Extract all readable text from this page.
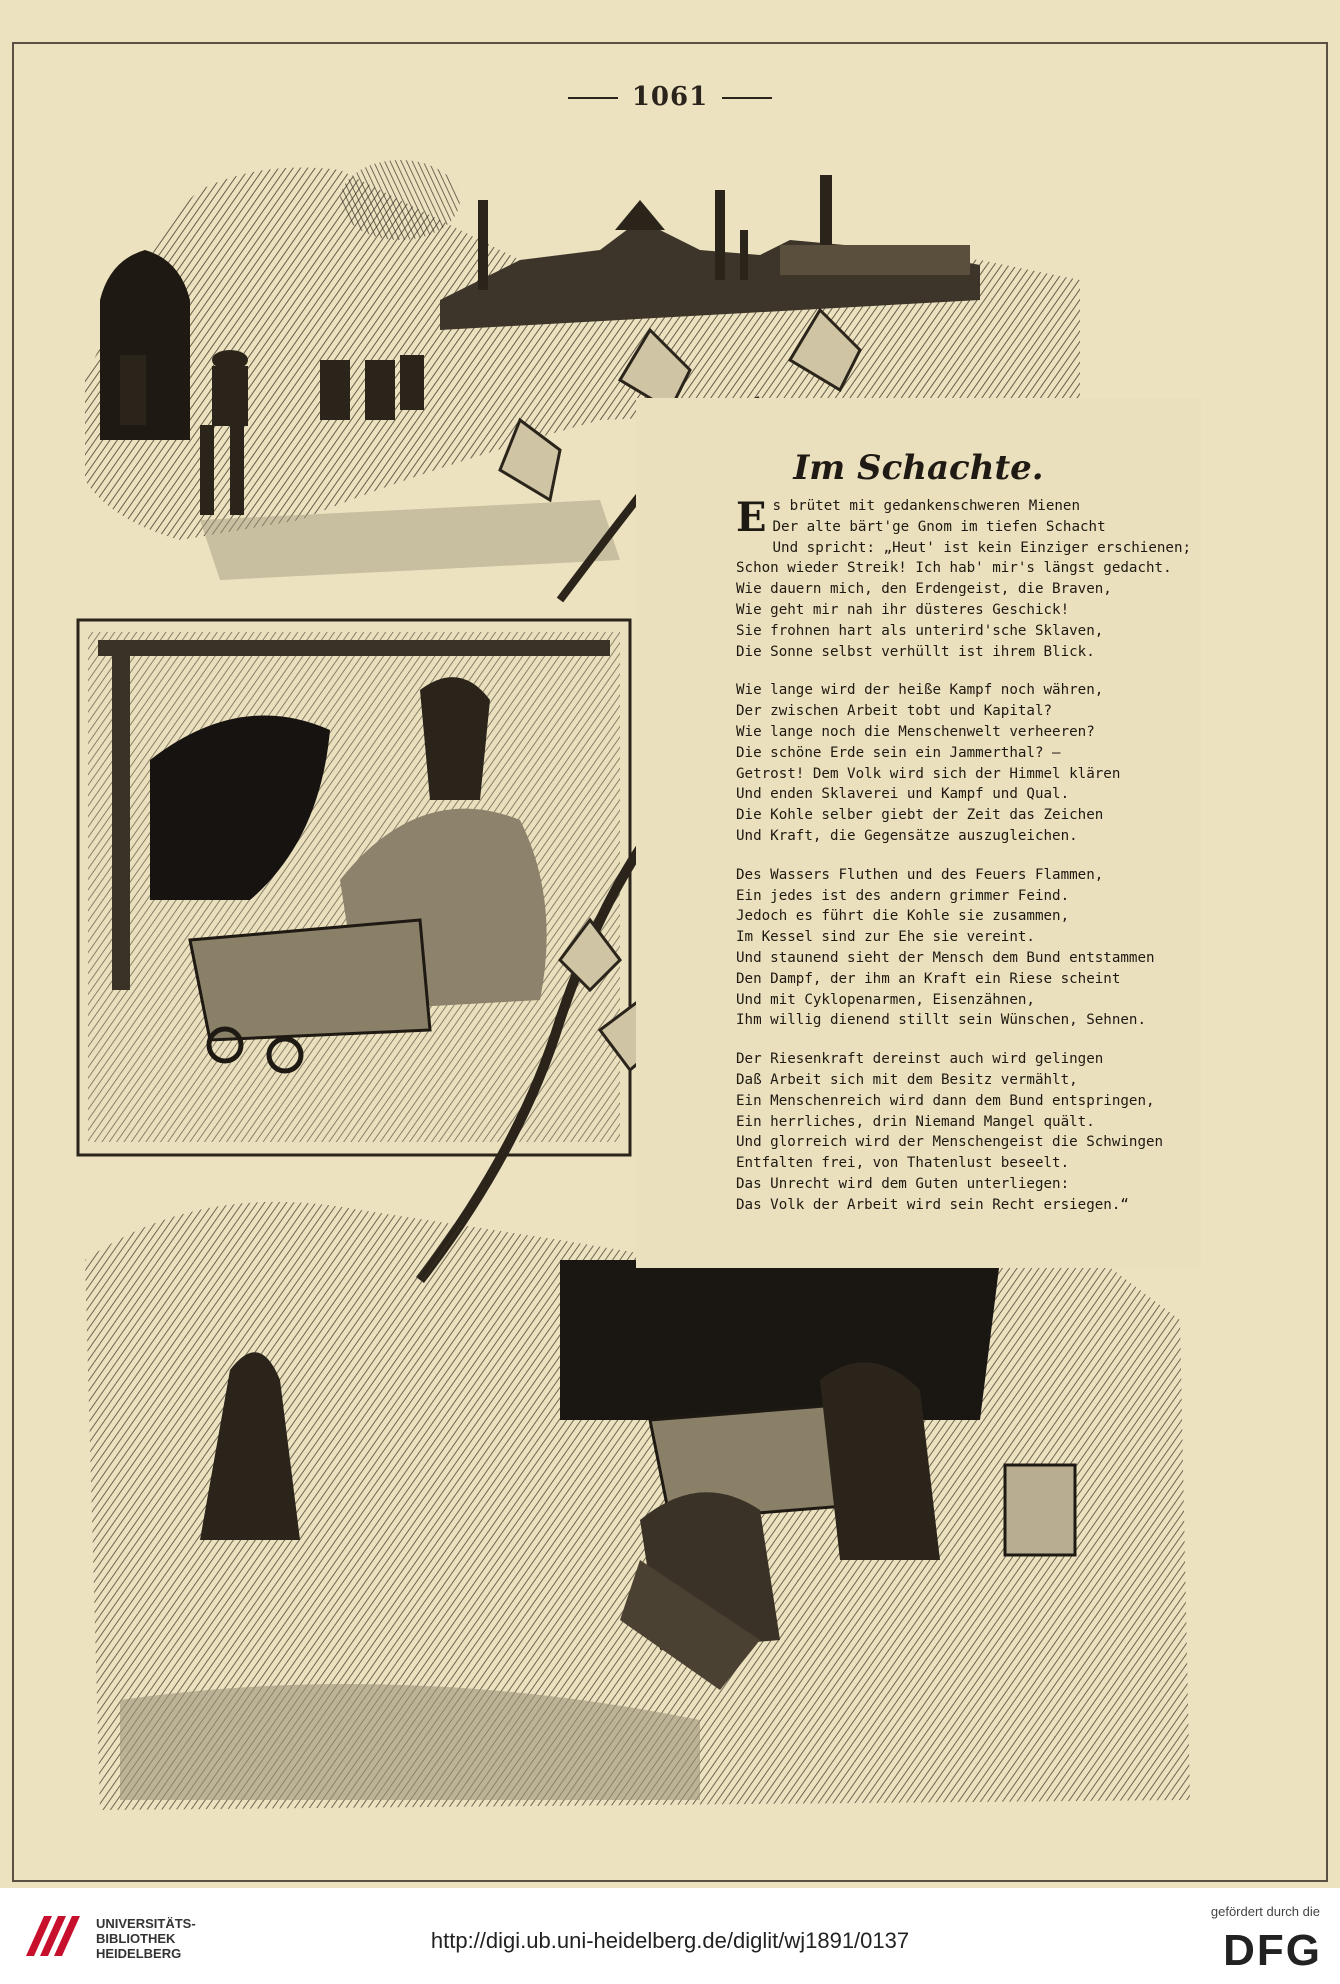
1061
Im Schachte.
E s brütet mit gedankenschweren Mienen
Der alte bärt'ge Gnom im tiefen Schacht
Und spricht: „Heut' ist kein Einziger erschienen;
Schon wieder Streik! Ich hab' mir's längst gedacht.
Wie dauern mich, den Erdengeist, die Braven,
Wie geht mir nah ihr düsteres Geschick!
Sie frohnen hart als unterird'sche Sklaven,
Die Sonne selbst verhüllt ist ihrem Blick.
Wie lange wird der heiße Kampf noch währen,
Der zwischen Arbeit tobt und Kapital?
Wie lange noch die Menschenwelt verheeren?
Die schöne Erde sein ein Jammerthal? —
Getrost! Dem Volk wird sich der Himmel klären
Und enden Sklaverei und Kampf und Qual.
Die Kohle selber giebt der Zeit das Zeichen
Und Kraft, die Gegensätze auszugleichen.
Des Wassers Fluthen und des Feuers Flammen,
Ein jedes ist des andern grimmer Feind.
Jedoch es führt die Kohle sie zusammen,
Im Kessel sind zur Ehe sie vereint.
Und staunend sieht der Mensch dem Bund entstammen
Den Dampf, der ihm an Kraft ein Riese scheint
Und mit Cyklopenarmen, Eisenzähnen,
Ihm willig dienend stillt sein Wünschen, Sehnen.
Der Riesenkraft dereinst auch wird gelingen
Daß Arbeit sich mit dem Besitz vermählt,
Ein Menschenreich wird dann dem Bund entspringen,
Ein herrliches, drin Niemand Mangel quält.
Und glorreich wird der Menschengeist die Schwingen
Entfalten frei, von Thatenlust beseelt.
Das Unrecht wird dem Guten unterliegen:
Das Volk der Arbeit wird sein Recht ersiegen.“
UNIVERSITÄTS-
BIBLIOTHEK
HEIDELBERG
http://digi.ub.uni-heidelberg.de/diglit/wj1891/0137
gefördert durch die
DFG
